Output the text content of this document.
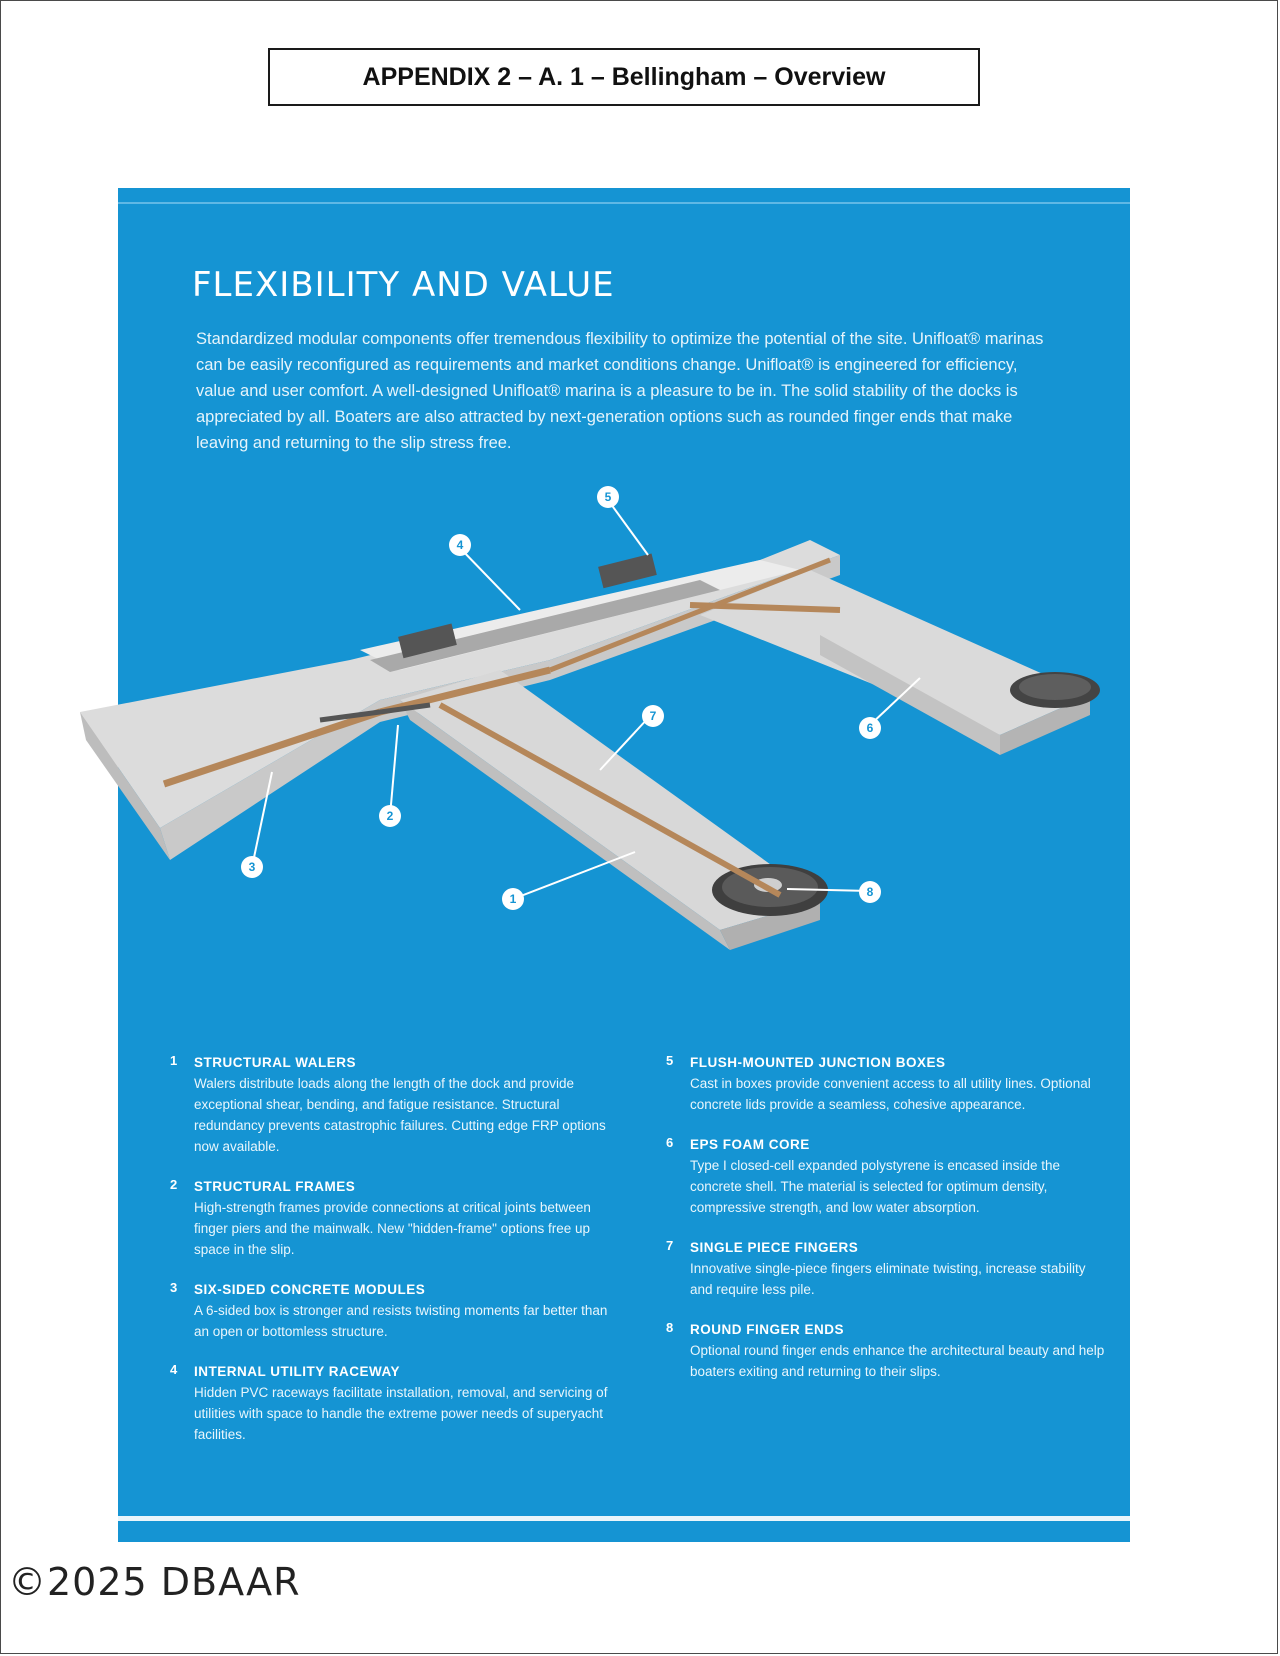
APPENDIX 2 – A. 1 – Bellingham – Overview
FLEXIBILITY AND VALUE
Standardized modular components offer tremendous flexibility to optimize the potential of the site. Unifloat® marinas can be easily reconfigured as requirements and market conditions change. Unifloat® is engineered for efficiency, value and user comfort. A well-designed Unifloat® marina is a pleasure to be in. The solid stability of the docks is appreciated by all. Boaters are also attracted by next-generation options such as rounded finger ends that make leaving and returning to the slip stress free.
1
2
3
4
5
6
7
8
1 STRUCTURAL WALERS
Walers distribute loads along the length of the dock and provide exceptional shear, bending, and fatigue resistance. Structural redundancy prevents catastrophic failures. Cutting edge FRP options now available.
2 STRUCTURAL FRAMES
High-strength frames provide connections at critical joints between finger piers and the mainwalk. New "hidden-frame" options free up space in the slip.
3 SIX-SIDED CONCRETE MODULES
A 6-sided box is stronger and resists twisting moments far better than an open or bottomless structure.
4 INTERNAL UTILITY RACEWAY
Hidden PVC raceways facilitate installation, removal, and servicing of utilities with space to handle the extreme power needs of superyacht facilities.
5 FLUSH-MOUNTED JUNCTION BOXES
Cast in boxes provide convenient access to all utility lines. Optional concrete lids provide a seamless, cohesive appearance.
6 EPS FOAM CORE
Type I closed-cell expanded polystyrene is encased inside the concrete shell. The material is selected for optimum density, compressive strength, and low water absorption.
7 SINGLE PIECE FINGERS
Innovative single-piece fingers eliminate twisting, increase stability and require less pile.
8 ROUND FINGER ENDS
Optional round finger ends enhance the architectural beauty and help boaters exiting and returning to their slips.
©2025 DBAAR
